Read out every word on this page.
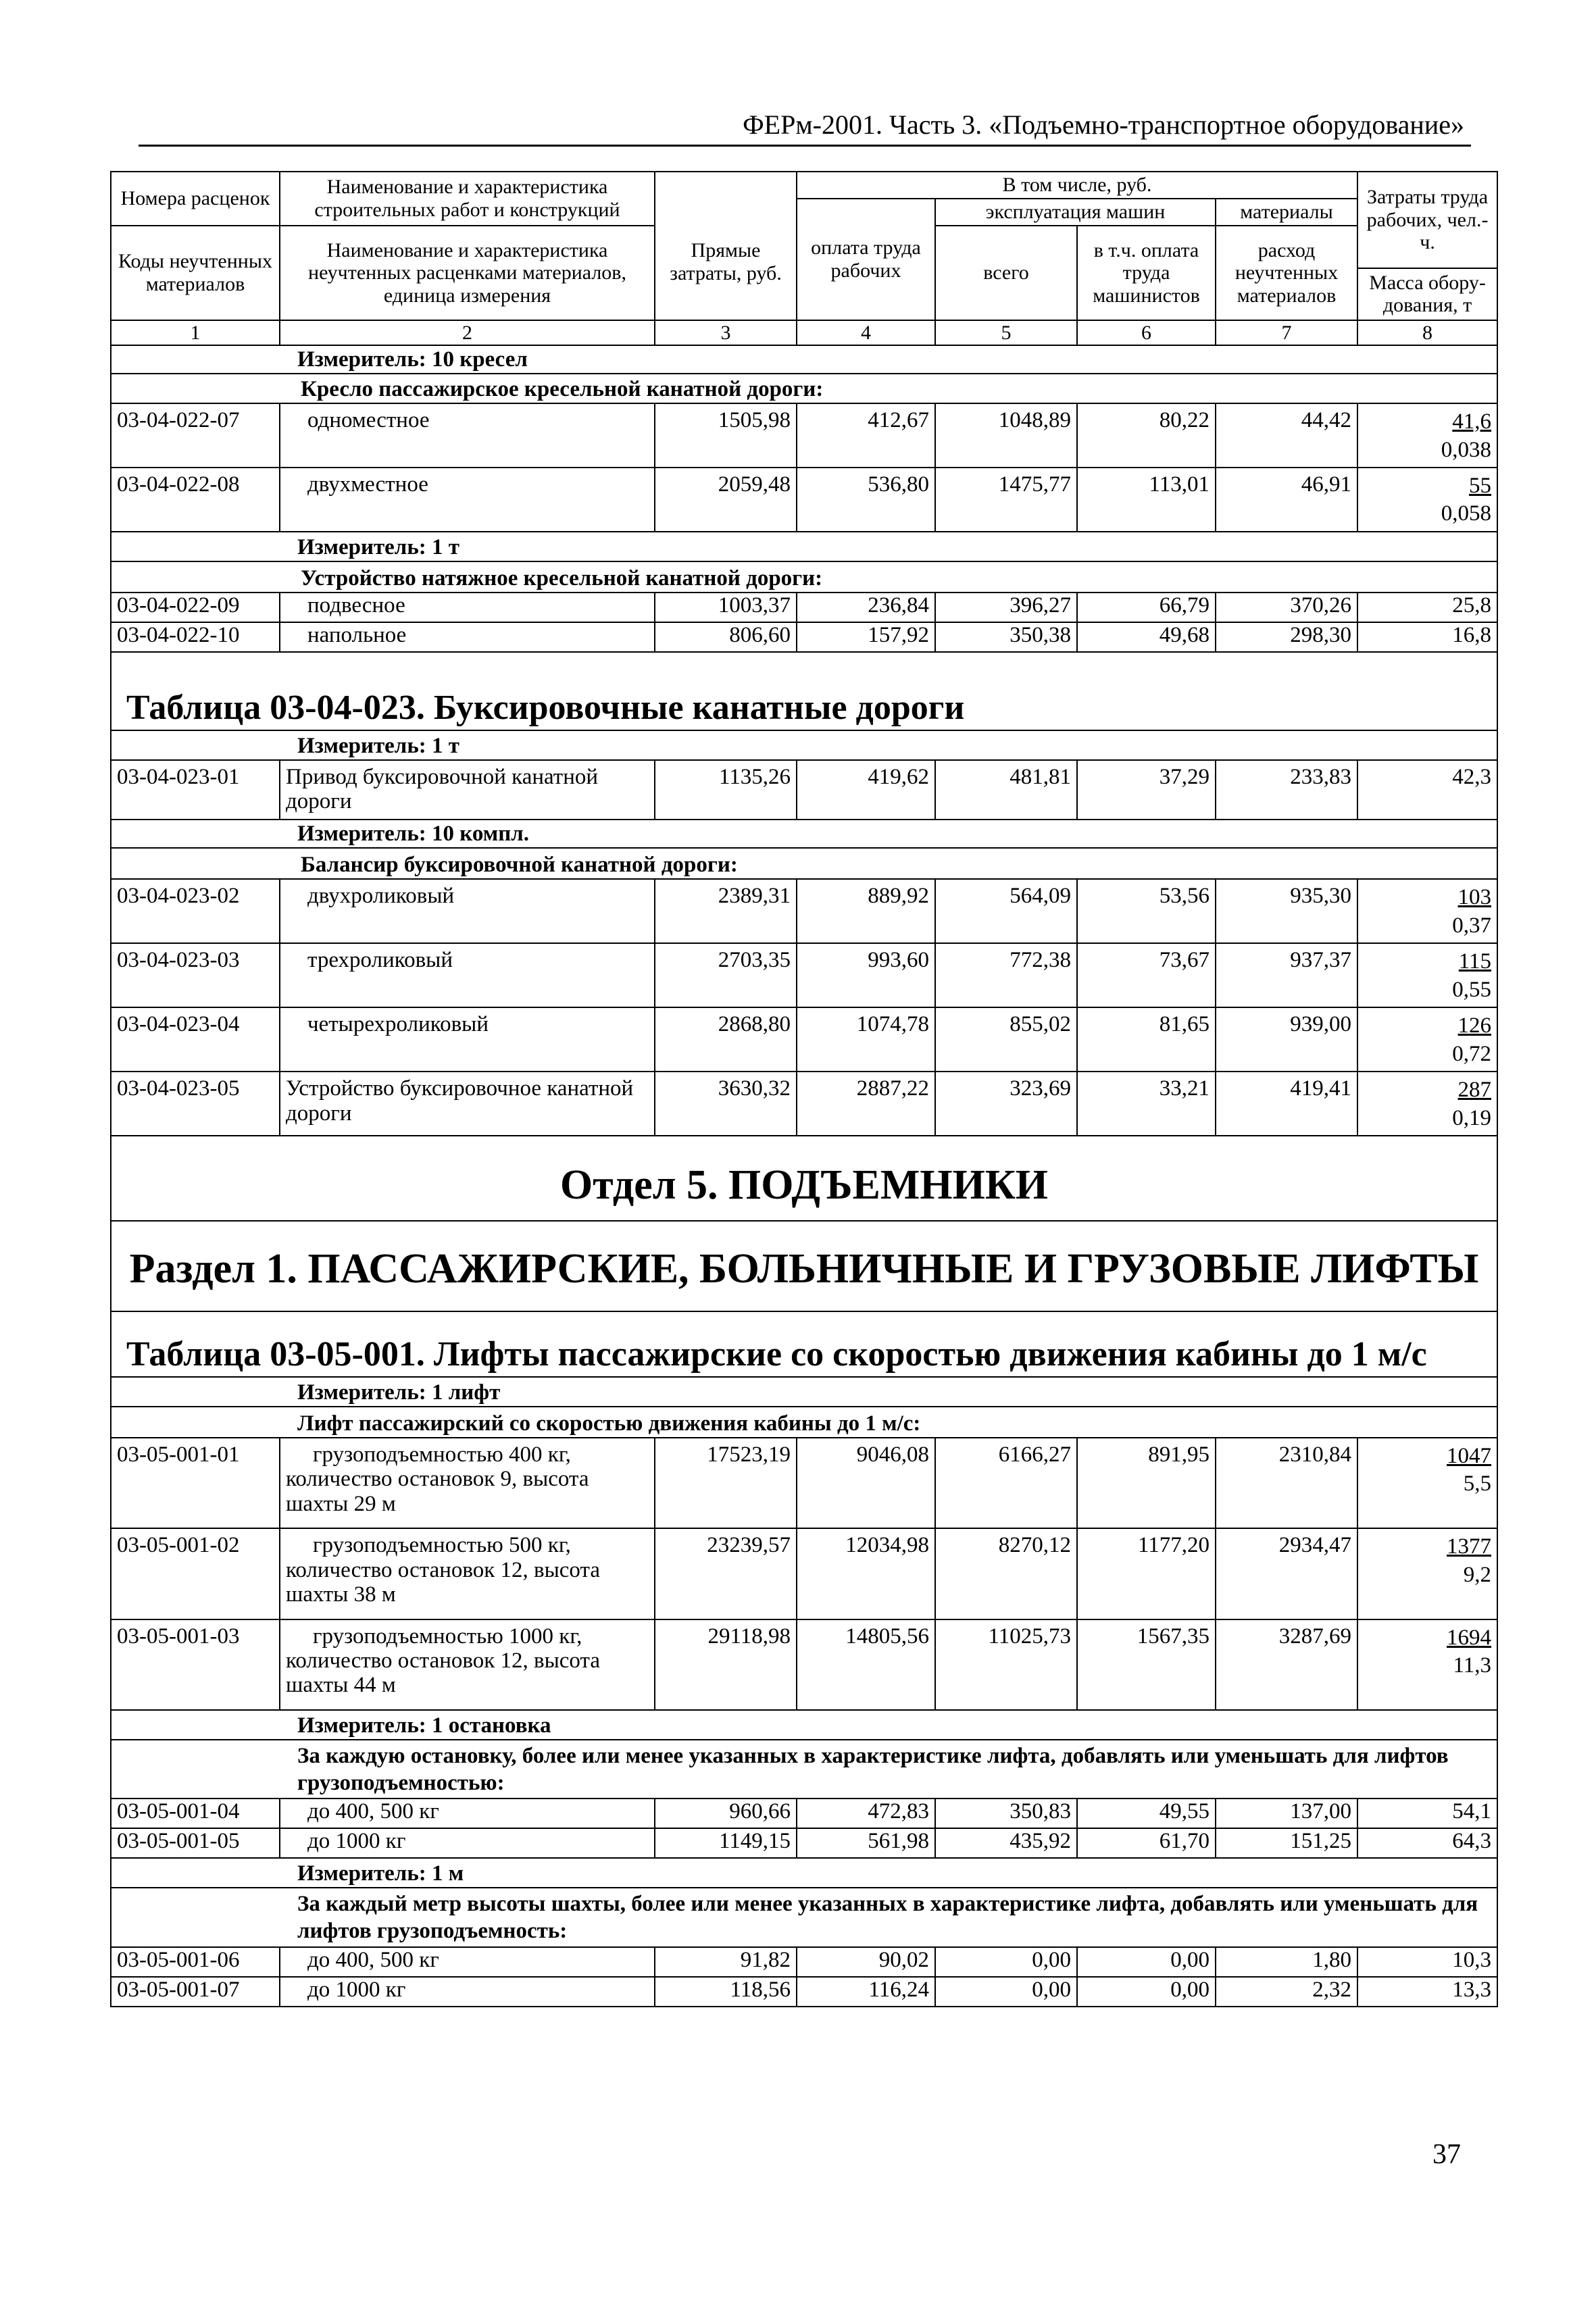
ФЕРм-2001. Часть 3. «Подъемно-транспортное оборудование»
Номера расценок	Наименование и характеристика строительных работ и конструкций	Прямые затраты, руб.	В том числе, руб.				Затраты труда рабочих, чел.-ч.
			оплата труда рабочих	эксплуатация машин		материалы	
Коды неучтенных материалов	Наименование и характеристика неучтенных расценками материалов, единица измерения			всего	в т.ч. оплата труда машинистов	расход неучтенных материалов	
							Масса обору-дования, т
1	2	3	4	5	6	7	8
Измеритель: 10 кресел							
Кресло пассажирское кресельной канатной дороги:							
03-04-022-07	одноместное	1505,98	412,67	1048,89	80,22	44,42	41,6
0,038
03-04-022-08	двухместное	2059,48	536,80	1475,77	113,01	46,91	55
0,058
Измеритель: 1 т							
Устройство натяжное кресельной канатной дороги:							
03-04-022-09	подвесное	1003,37	236,84	396,27	66,79	370,26	25,8
03-04-022-10	напольное	806,60	157,92	350,38	49,68	298,30	16,8
Таблица 03-04-023. Буксировочные канатные дороги							
Измеритель: 1 т							
03-04-023-01	Привод буксировочной канатной дороги	1135,26	419,62	481,81	37,29	233,83	42,3
Измеритель: 10 компл.							
Балансир буксировочной канатной дороги:							
03-04-023-02	двухроликовый	2389,31	889,92	564,09	53,56	935,30	103
0,37
03-04-023-03	трехроликовый	2703,35	993,60	772,38	73,67	937,37	115
0,55
03-04-023-04	четырехроликовый	2868,80	1074,78	855,02	81,65	939,00	126
0,72
03-04-023-05	Устройство буксировочное канатной дороги	3630,32	2887,22	323,69	33,21	419,41	287
0,19
Отдел 5. ПОДЪЕМНИКИ							
Раздел 1. ПАССАЖИРСКИЕ, БОЛЬНИЧНЫЕ И ГРУЗОВЫЕ ЛИФТЫ							
Таблица 03-05-001. Лифты пассажирские со скоростью движения кабины до 1 м/с							
Измеритель: 1 лифт							
Лифт пассажирский со скоростью движения кабины до 1 м/с:							
03-05-001-01	грузоподъемностью 400 кг, количество остановок 9, высота шахты 29 м	17523,19	9046,08	6166,27	891,95	2310,84	1047
5,5
03-05-001-02	грузоподъемностью 500 кг, количество остановок 12, высота шахты 38 м	23239,57	12034,98	8270,12	1177,20	2934,47	1377
9,2
03-05-001-03	грузоподъемностью 1000 кг, количество остановок 12, высота шахты 44 м	29118,98	14805,56	11025,73	1567,35	3287,69	1694
11,3
Измеритель: 1 остановка							
За каждую остановку, более или менее указанных в характеристике лифта, добавлять или уменьшать для лифтов грузоподъемностью:							
03-05-001-04	до 400, 500 кг	960,66	472,83	350,83	49,55	137,00	54,1
03-05-001-05	до 1000 кг	1149,15	561,98	435,92	61,70	151,25	64,3
Измеритель: 1 м							
За каждый метр высоты шахты, более или менее указанных в характеристике лифта, добавлять или уменьшать для лифтов грузоподъемность:							
03-05-001-06	до 400, 500 кг	91,82	90,02	0,00	0,00	1,80	10,3
03-05-001-07	до 1000 кг	118,56	116,24	0,00	0,00	2,32	13,3
37
